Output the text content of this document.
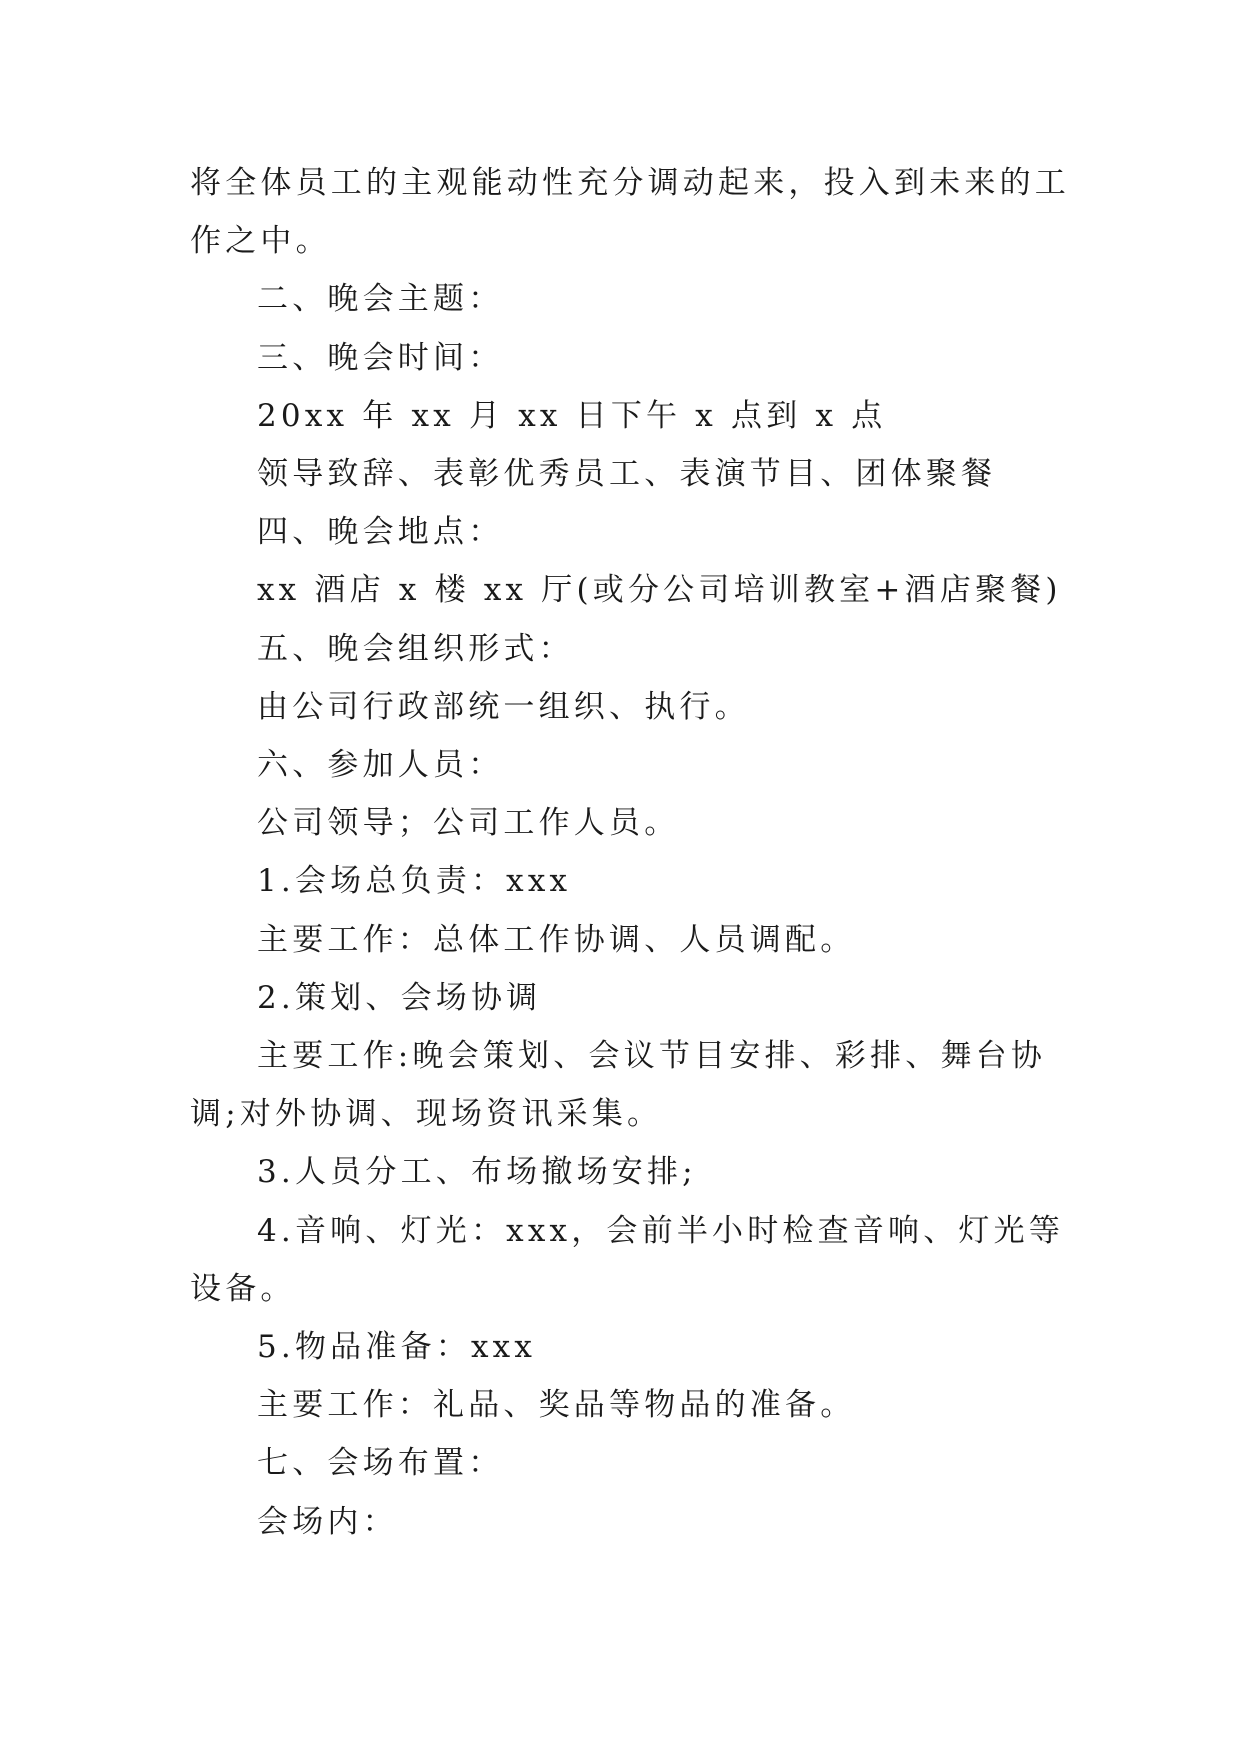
将全体员工的主观能动性充分调动起来，投入到未来的工作之中。

二、晚会主题：

三、晚会时间：

20xx 年 xx 月 xx 日下午 x 点到 x 点

领导致辞、表彰优秀员工、表演节目、团体聚餐

四、晚会地点：

xx 酒店 x 楼 xx 厅(或分公司培训教室+酒店聚餐)

五、晚会组织形式：

由公司行政部统一组织、执行。

六、参加人员：

公司领导；公司工作人员。

1.会场总负责：xxx

主要工作：总体工作协调、人员调配。

2.策划、会场协调

主要工作:晚会策划、会议节目安排、彩排、舞台协调;对外协调、现场资讯采集。

3.人员分工、布场撤场安排;

4.音响、灯光：xxx，会前半小时检查音响、灯光等设备。

5.物品准备：xxx

主要工作：礼品、奖品等物品的准备。

七、会场布置：

会场内：
